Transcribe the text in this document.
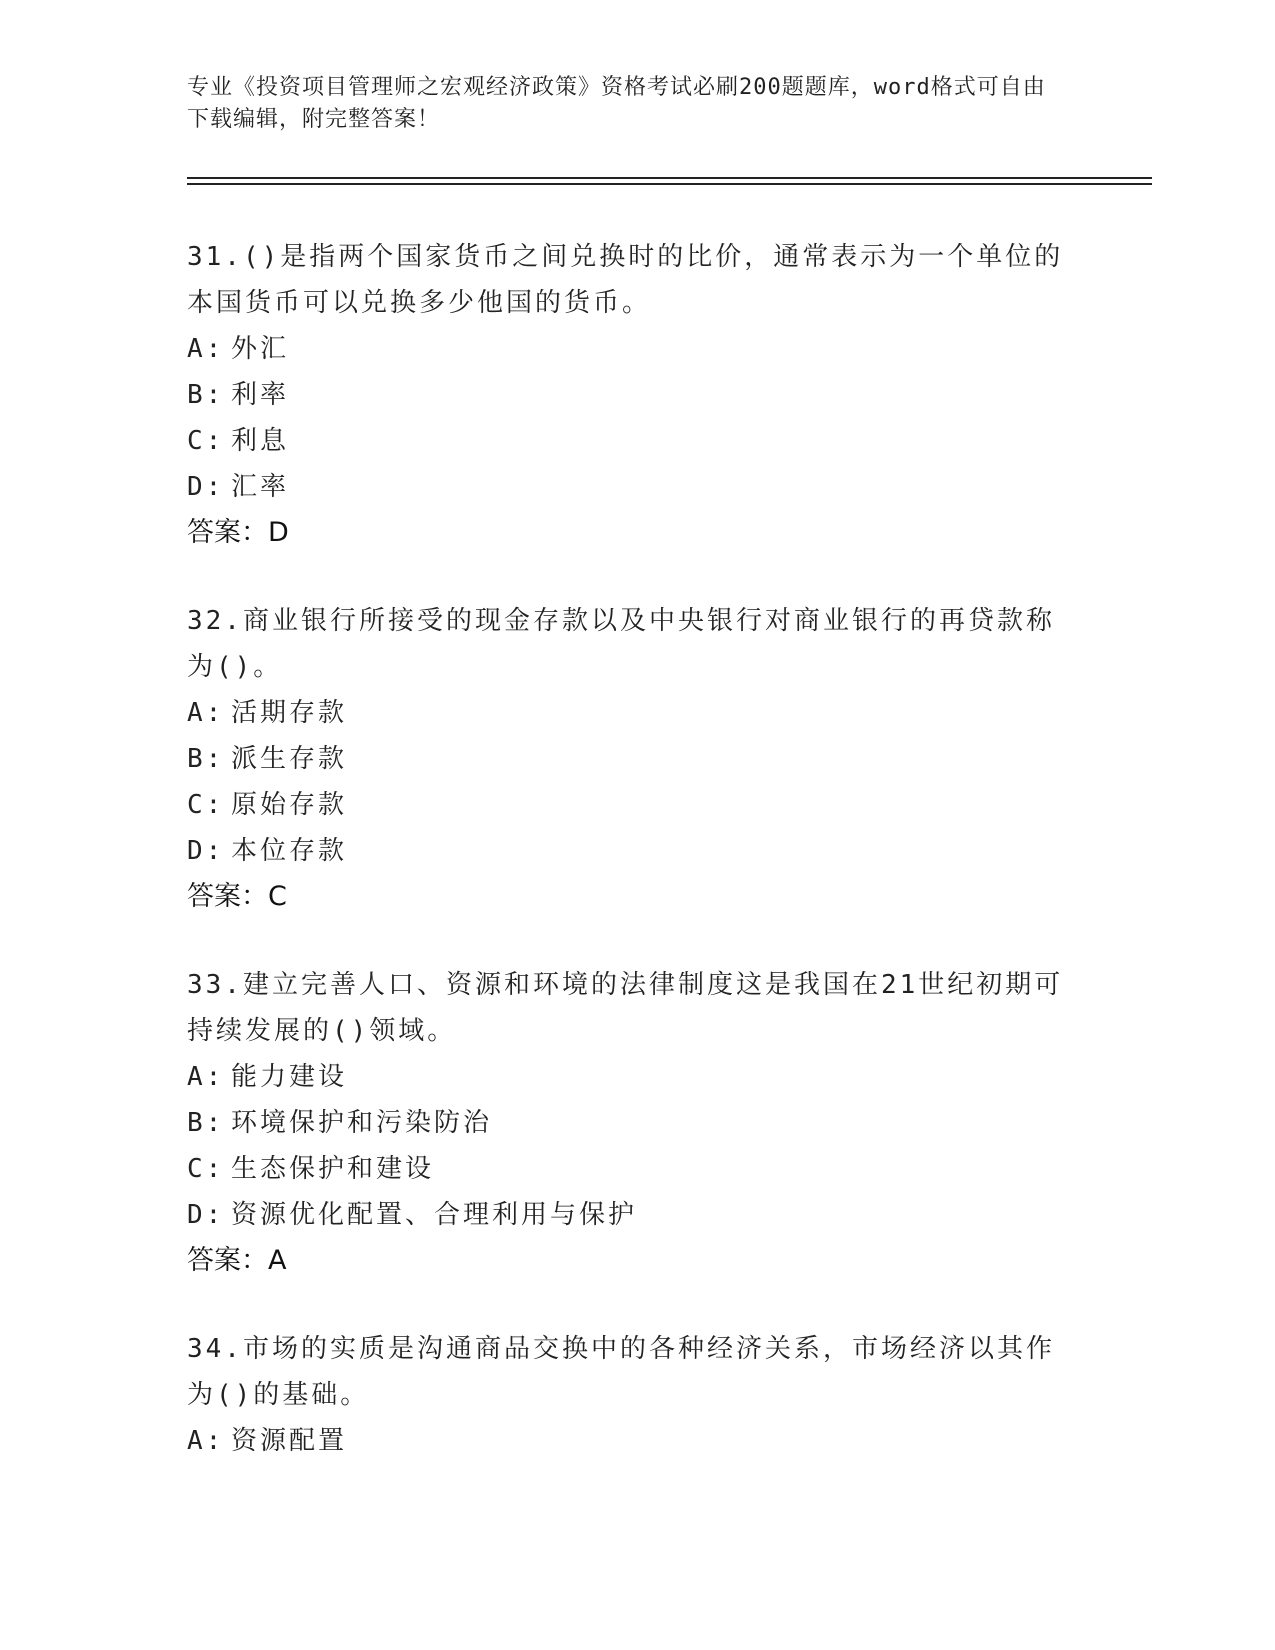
专业《投资项目管理师之宏观经济政策》资格考试必刷200题题库，word格式可自由下载编辑，附完整答案！

31.()是指两个国家货币之间兑换时的比价，通常表示为一个单位的本国货币可以兑换多少他国的货币。

A: 外汇
B: 利率
C: 利息
D: 汇率
答案：D

32.商业银行所接受的现金存款以及中央银行对商业银行的再贷款称为()。

A: 活期存款
B: 派生存款
C: 原始存款
D: 本位存款
答案：C

33.建立完善人口、资源和环境的法律制度这是我国在21世纪初期可持续发展的()领域。

A: 能力建设
B: 环境保护和污染防治
C: 生态保护和建设
D: 资源优化配置、合理利用与保护
答案：A

34.市场的实质是沟通商品交换中的各种经济关系，市场经济以其作为()的基础。

A: 资源配置
